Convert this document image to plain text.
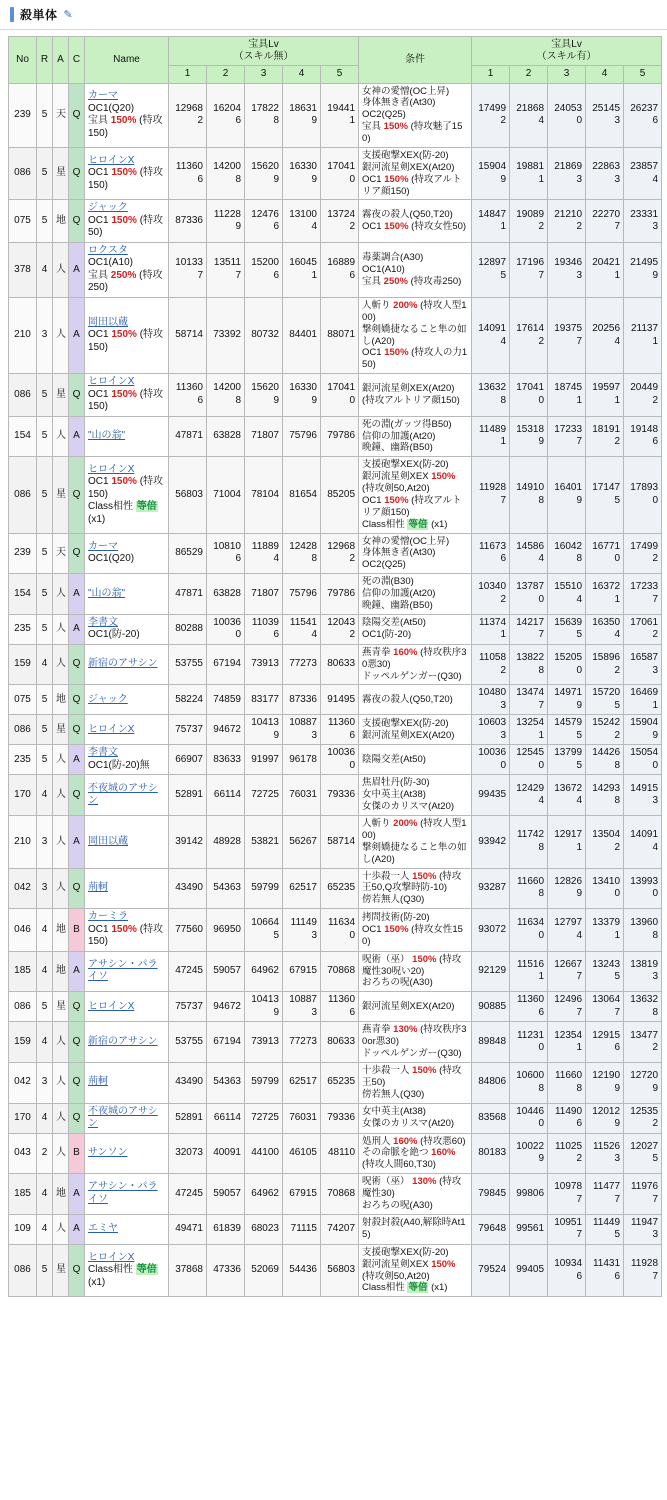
殺単体 ✎
No	R	A	C	Name	宝具Lv
（スキル無）					条件	宝具Lv
（スキル有）				
					1	2	3	4	5		1	2	3	4	5
239	5	天	Q	カーマ
OC1(Q20)
宝具 150% (特攻150)	129682	162046	178228	186319	194411	女神の愛憎(OC上昇)
身体無き者(At30)
OC2(Q25)
宝具 150% (特攻魅了150)	174992	218684	240530	251453	262376
086	5	星	Q	ヒロインX
OC1 150% (特攻150)	113606	142008	156209	163309	170410	支援砲撃XEX(防-20)
銀河流星剣XEX(At20)
OC1 150% (特攻アルトリア顔150)	159049	198811	218693	228633	238574
075	5	地	Q	ジャック
OC1 150% (特攻50)	87336	112289	124766	131004	137242	霧夜の殺人(Q50,T20)
OC1 150% (特攻女性50)	148471	190892	212102	222707	233313
378	4	人	A	ロクスタ
OC1(A10)
宝具 250% (特攻250)	101337	135117	152006	160451	168896	毒薬調合(A30)
OC1(A10)
宝具 250% (特攻毒250)	128975	171967	193463	204211	214959
210	3	人	A	岡田以蔵
OC1 150% (特攻150)	58714	73392	80732	84401	88071	人斬り 200% (特攻人型100)
撃剣嬌捷なること隼の如し(A20)
OC1 150% (特攻人の力150)	140914	176142	193757	202564	211371
086	5	星	Q	ヒロインX
OC1 150% (特攻150)	113606	142008	156209	163309	170410	銀河流星剣XEX(At20)
(特攻アルトリア顔150)	136328	170410	187451	195971	204492
154	5	人	A	"山の翁"	47871	63828	71807	75796	79786	死の淵(ガッツ得B50)
信仰の加護(At20)
晩鐘、幽路(B50)	114891	153189	172337	181912	191486
086	5	星	Q	ヒロインX
OC1 150% (特攻150)
Class相性 等倍(x1)	56803	71004	78104	81654	85205	支援砲撃XEX(防-20)
銀河流星剣XEX 150% (特攻剣50,At20)
OC1 150% (特攻アルトリア顔150)
Class相性 等倍 (x1)	119287	149108	164019	171475	178930
239	5	天	Q	カーマ
OC1(Q20)	86529	108106	118894	124288	129682	女神の愛憎(OC上昇)
身体無き者(At30)
OC2(Q25)	116736	145864	160428	167710	174992
154	5	人	A	"山の翁"	47871	63828	71807	75796	79786	死の淵(B30)
信仰の加護(At20)
晩鐘、幽路(B50)	103402	137870	155104	163721	172337
235	5	人	A	李書文
OC1(防-20)	80288	100360	110396	115414	120432	陰陽交差(At50)
OC1(防-20)	113741	142177	156395	163504	170612
159	4	人	Q	新宿のアサシン	53755	67194	73913	77273	80633	燕青拳 160% (特攻秩序30悪30)
ドッペルゲンガー(Q30)	110582	138228	152050	158962	165873
075	5	地	Q	ジャック	58224	74859	83177	87336	91495	霧夜の殺人(Q50,T20)	104803	134747	149719	157205	164691
086	5	星	Q	ヒロインX	75737	94672	104139	108873	113606	支援砲撃XEX(防-20)
銀河流星剣XEX(At20)	106033	132541	145795	152422	159049
235	5	人	A	李書文
OC1(防-20)無	66907	83633	91997	96178	100360	陰陽交差(At50)	100360	125450	137995	144268	150540
170	4	人	Q	不夜城のアサシン	52891	66114	72725	76031	79336	焦眉牡丹(防-30)
女中英主(At38)
女傑のカリスマ(At20)	99435	124294	136724	142938	149153
210	3	人	A	岡田以蔵	39142	48928	53821	56267	58714	人斬り 200% (特攻人型100)
撃剣嬌捷なること隼の如し(A20)	93942	117428	129171	135042	140914
042	3	人	Q	荊軻	43490	54363	59799	62517	65235	十歩殺一人 150% (特攻王50,Q攻撃時防-10)
傍若無人(Q30)	93287	116608	128269	134100	139930
046	4	地	B	カーミラ
OC1 150% (特攻150)	77560	96950	106645	111493	116340	拷問技術(防-20)
OC1 150% (特攻女性150)	93072	116340	127974	133791	139608
185	4	地	A	アサシン・パライソ	47245	59057	64962	67915	70868	呪術（巫） 150% (特攻魔性30呪い20)
おろちの呪(A30)	92129	115161	126677	132435	138193
086	5	星	Q	ヒロインX	75737	94672	104139	108873	113606	銀河流星剣XEX(At20)	90885	113606	124967	130647	136328
159	4	人	Q	新宿のアサシン	53755	67194	73913	77273	80633	燕青拳 130% (特攻秩序30or悪30)
ドッペルゲンガー(Q30)	89848	112310	123541	129156	134772
042	3	人	Q	荊軻	43490	54363	59799	62517	65235	十歩殺一人 150% (特攻王50)
傍若無人(Q30)	84806	106008	116608	121909	127209
170	4	人	Q	不夜城のアサシン	52891	66114	72725	76031	79336	女中英主(At38)
女傑のカリスマ(At20)	83568	104460	114906	120129	125352
043	2	人	B	サンソン	32073	40091	44100	46105	48110	処刑人 160% (特攻悪60)
その命脈を絶つ 160% (特攻人間60,T30)	80183	100229	110252	115263	120275
185	4	地	A	アサシン・パライソ	47245	59057	64962	67915	70868	呪術（巫） 130% (特攻魔性30)
おろちの呪(A30)	79845	99806	109787	114777	119767
109	4	人	A	エミヤ	49471	61839	68023	71115	74207	射殺封殺(A40,解除時At15)	79648	99561	109517	114495	119473
086	5	星	Q	ヒロインX
Class相性 等倍(x1)	37868	47336	52069	54436	56803	支援砲撃XEX(防-20)
銀河流星剣XEX 150% (特攻剣50,At20)
Class相性 等倍 (x1)	79524	99405	109346	114316	119287
